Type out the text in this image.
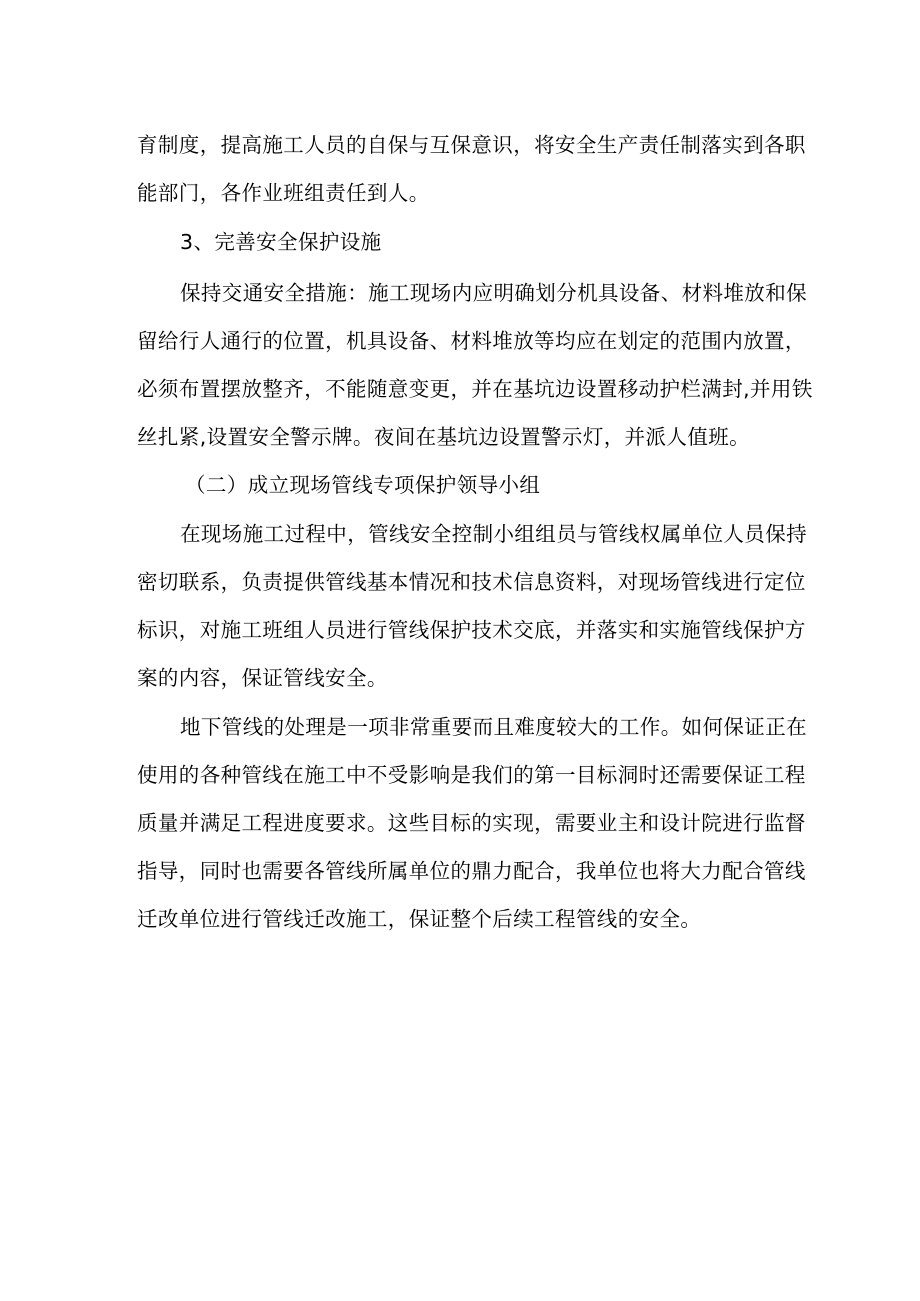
育制度，提高施工人员的自保与互保意识，将安全生产责任制落实到各职
能部门，各作业班组责任到人。
3、完善安全保护设施
保持交通安全措施：施工现场内应明确划分机具设备、材料堆放和保
留给行人通行的位置，机具设备、材料堆放等均应在划定的范围内放置，
必须布置摆放整齐，不能随意变更，并在基坑边设置移动护栏满封,并用铁
丝扎紧,设置安全警示牌。夜间在基坑边设置警示灯，并派人值班。
（二）成立现场管线专项保护领导小组
在现场施工过程中，管线安全控制小组组员与管线权属单位人员保持
密切联系，负责提供管线基本情况和技术信息资料，对现场管线进行定位
标识，对施工班组人员进行管线保护技术交底，并落实和实施管线保护方
案的内容，保证管线安全。
地下管线的处理是一项非常重要而且难度较大的工作。如何保证正在
使用的各种管线在施工中不受影响是我们的第一目标洞时还需要保证工程
质量并满足工程进度要求。这些目标的实现，需要业主和设计院进行监督
指导，同时也需要各管线所属单位的鼎力配合，我单位也将大力配合管线
迁改单位进行管线迁改施工，保证整个后续工程管线的安全。
